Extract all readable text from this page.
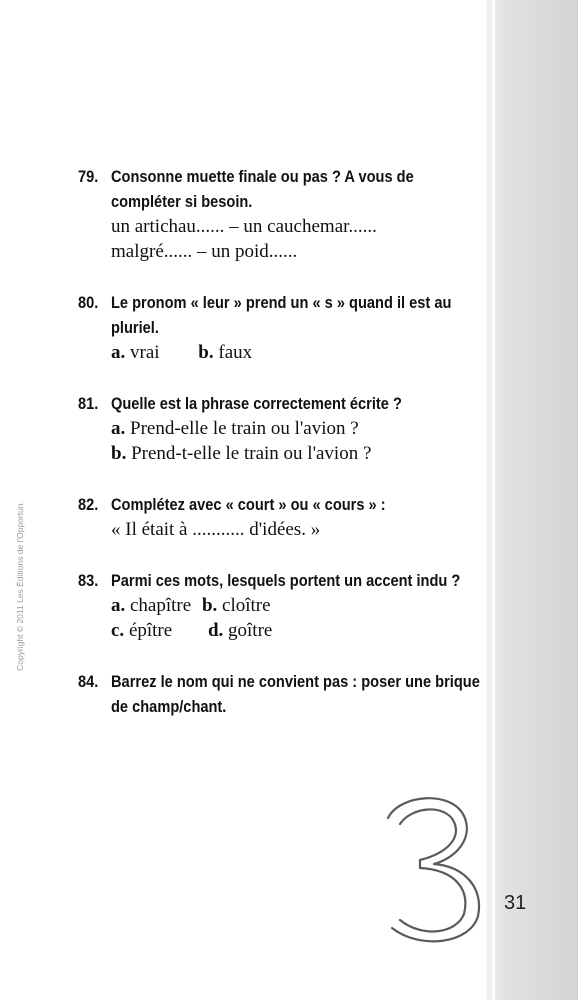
Copyright © 2011 Les Éditions de l'Opportun.
31
79. Consonne muette finale ou pas ? A vous de compléter si besoin.
un artichau...... – un cauchemar......
malgré...... – un poid......
80. Le pronom « leur » prend un « s » quand il est au pluriel.
a. vrai b. faux
81. Quelle est la phrase correctement écrite ?
a. Prend-elle le train ou l'avion ?
b. Prend-t-elle le train ou l'avion ?
82. Complétez avec « court » ou « cours » :
« Il était à ........... d'idées. »
83. Parmi ces mots, lesquels portent un accent indu ?
a. chapître b. cloître
c. épître d. goître
84. Barrez le nom qui ne convient pas : poser une brique de champ/chant.
